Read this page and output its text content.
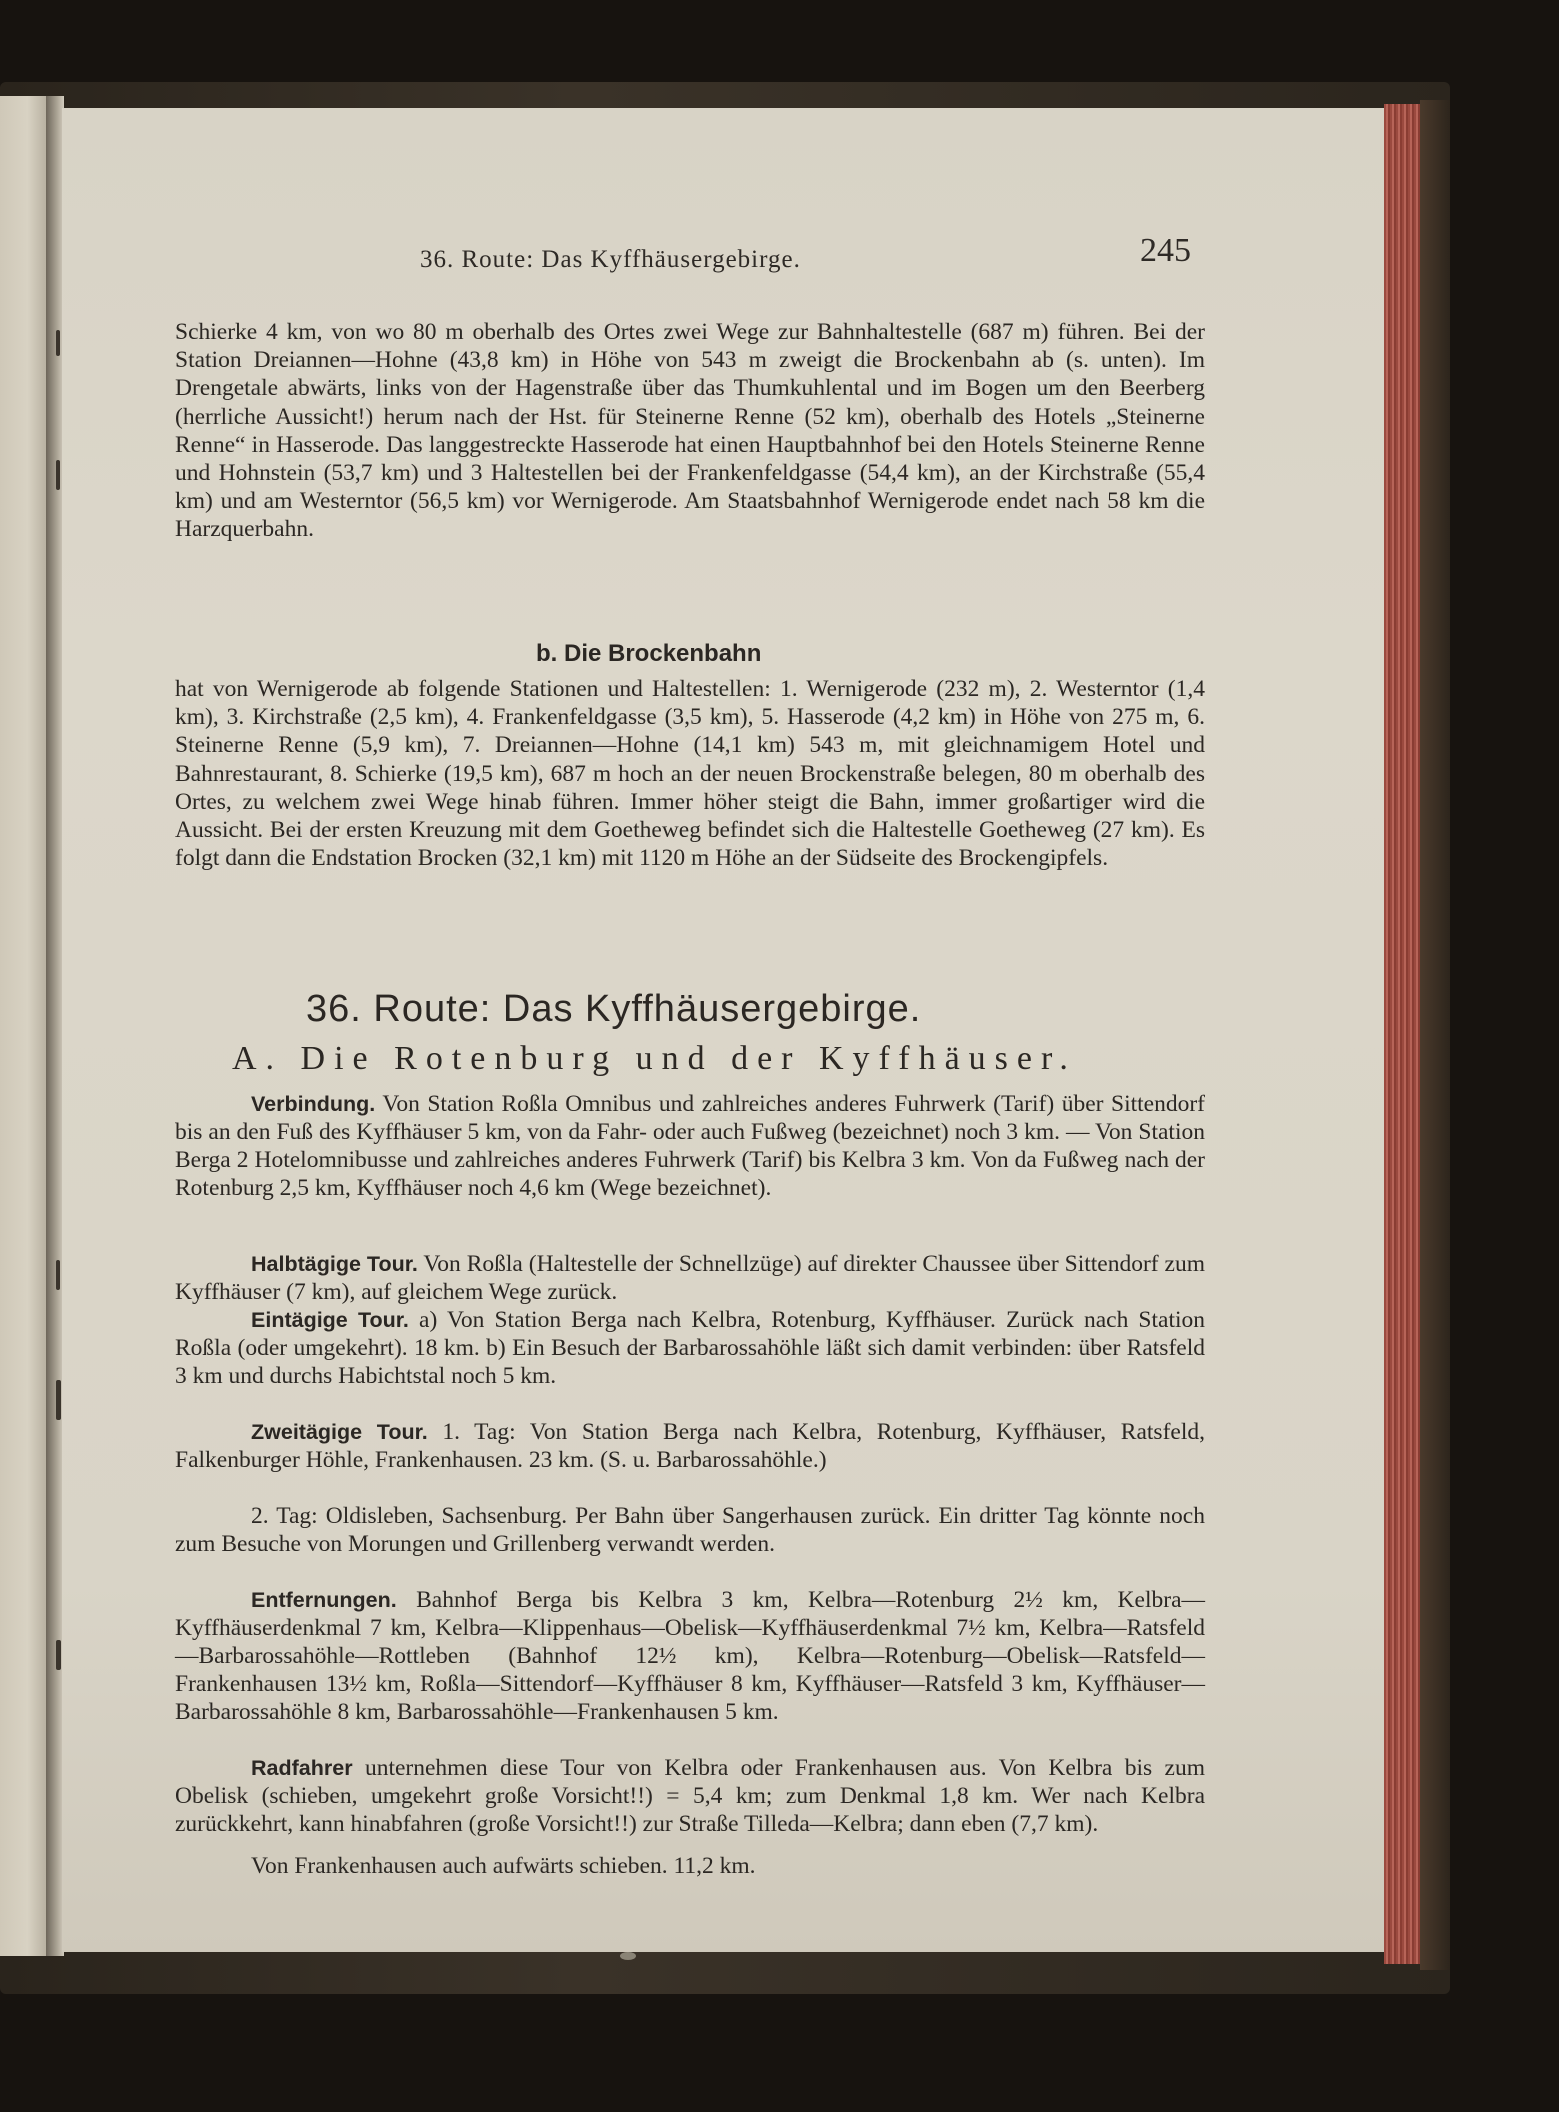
36. Route: Das Kyffhäusergebirge.	245

Schierke 4 km, von wo 80 m oberhalb des Ortes zwei Wege zur Bahnhaltestelle (687 m) führen. Bei der Station Dreiannen—Hohne (43,8 km) in Höhe von 543 m zweigt die Brockenbahn ab (s. unten). Im Drengetale abwärts, links von der Hagenstraße über das Thumkuhlental und im Bogen um den Beerberg (herrliche Aussicht!) herum nach der Hst. für Steinerne Renne (52 km), oberhalb des Hotels „Steinerne Renne“ in Hasserode. Das langgestreckte Hasserode hat einen Hauptbahnhof bei den Hotels Steinerne Renne und Hohnstein (53,7 km) und 3 Haltestellen bei der Frankenfeldgasse (54,4 km), an der Kirchstraße (55,4 km) und am Westerntor (56,5 km) vor Wernigerode. Am Staatsbahnhof Wernigerode endet nach 58 km die Harzquerbahn.

b. Die Brockenbahn

hat von Wernigerode ab folgende Stationen und Haltestellen: 1. Wernigerode (232 m), 2. Westerntor (1,4 km), 3. Kirchstraße (2,5 km), 4. Frankenfeldgasse (3,5 km), 5. Hasserode (4,2 km) in Höhe von 275 m, 6. Steinerne Renne (5,9 km), 7. Dreiannen—Hohne (14,1 km) 543 m, mit gleichnamigem Hotel und Bahnrestaurant, 8. Schierke (19,5 km), 687 m hoch an der neuen Brockenstraße belegen, 80 m oberhalb des Ortes, zu welchem zwei Wege hinab führen. Immer höher steigt die Bahn, immer großartiger wird die Aussicht. Bei der ersten Kreuzung mit dem Goetheweg befindet sich die Haltestelle Goetheweg (27 km). Es folgt dann die Endstation Brocken (32,1 km) mit 1120 m Höhe an der Südseite des Brockengipfels.

36. Route: Das Kyffhäusergebirge.
A. Die Rotenburg und der Kyffhäuser.

Verbindung. Von Station Roßla Omnibus und zahlreiches anderes Fuhrwerk (Tarif) über Sittendorf bis an den Fuß des Kyffhäuser 5 km, von da Fahr- oder auch Fußweg (bezeichnet) noch 3 km. — Von Station Berga 2 Hotelomnibusse und zahlreiches anderes Fuhrwerk (Tarif) bis Kelbra 3 km. Von da Fußweg nach der Rotenburg 2,5 km, Kyffhäuser noch 4,6 km (Wege bezeichnet).

Halbtägige Tour. Von Roßla (Haltestelle der Schnellzüge) auf direkter Chaussee über Sittendorf zum Kyffhäuser (7 km), auf gleichem Wege zurück.

Eintägige Tour. a) Von Station Berga nach Kelbra, Rotenburg, Kyffhäuser. Zurück nach Station Roßla (oder umgekehrt). 18 km. b) Ein Besuch der Barbarossahöhle läßt sich damit verbinden: über Ratsfeld 3 km und durchs Habichtstal noch 5 km.

Zweitägige Tour. 1. Tag: Von Station Berga nach Kelbra, Rotenburg, Kyffhäuser, Ratsfeld, Falkenburger Höhle, Frankenhausen. 23 km. (S. u. Barbarossahöhle.)

2. Tag: Oldisleben, Sachsenburg. Per Bahn über Sangerhausen zurück. Ein dritter Tag könnte noch zum Besuche von Morungen und Grillenberg verwandt werden.

Entfernungen. Bahnhof Berga bis Kelbra 3 km, Kelbra—Rotenburg 2½ km, Kelbra—Kyffhäuserdenkmal 7 km, Kelbra—Klippenhaus—Obelisk—Kyffhäuserdenkmal 7½ km, Kelbra—Ratsfeld—Barbarossahöhle—Rottleben (Bahnhof 12½ km), Kelbra—Rotenburg—Obelisk—Ratsfeld—Frankenhausen 13½ km, Roßla—Sittendorf—Kyffhäuser 8 km, Kyffhäuser—Ratsfeld 3 km, Kyffhäuser—Barbarossahöhle 8 km, Barbarossahöhle—Frankenhausen 5 km.

Radfahrer unternehmen diese Tour von Kelbra oder Frankenhausen aus. Von Kelbra bis zum Obelisk (schieben, umgekehrt große Vorsicht!!) = 5,4 km; zum Denkmal 1,8 km. Wer nach Kelbra zurückkehrt, kann hinabfahren (große Vorsicht!!) zur Straße Tilleda—Kelbra; dann eben (7,7 km).

Von Frankenhausen auch aufwärts schieben. 11,2 km.
